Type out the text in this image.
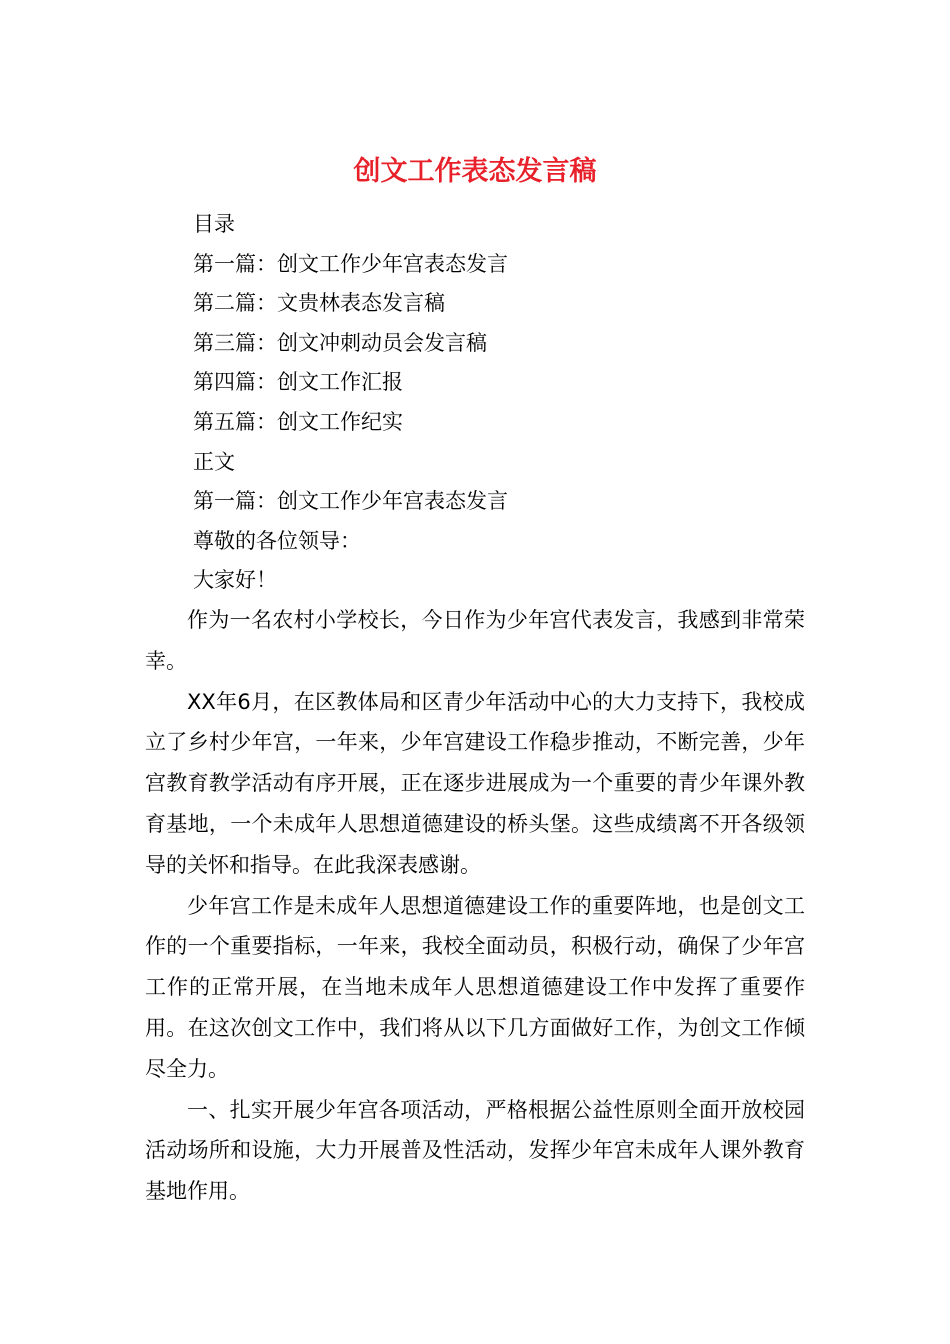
创文工作表态发言稿
目录
第一篇：创文工作少年宫表态发言
第二篇：文贵林表态发言稿
第三篇：创文冲刺动员会发言稿
第四篇：创文工作汇报
第五篇：创文工作纪实
正文
第一篇：创文工作少年宫表态发言
尊敬的各位领导：
大家好！

作为一名农村小学校长，今日作为少年宫代表发言，我感到非常荣幸。

XX年6月，在区教体局和区青少年活动中心的大力支持下，我校成立了乡村少年宫，一年来，少年宫建设工作稳步推动，不断完善，少年宫教育教学活动有序开展，正在逐步进展成为一个重要的青少年课外教育基地，一个未成年人思想道德建设的桥头堡。这些成绩离不开各级领导的关怀和指导。在此我深表感谢。

少年宫工作是未成年人思想道德建设工作的重要阵地，也是创文工作的一个重要指标，一年来，我校全面动员，积极行动，确保了少年宫工作的正常开展，在当地未成年人思想道德建设工作中发挥了重要作用。在这次创文工作中，我们将从以下几方面做好工作，为创文工作倾尽全力。

一、扎实开展少年宫各项活动，严格根据公益性原则全面开放校园活动场所和设施，大力开展普及性活动，发挥少年宫未成年人课外教育基地作用。
